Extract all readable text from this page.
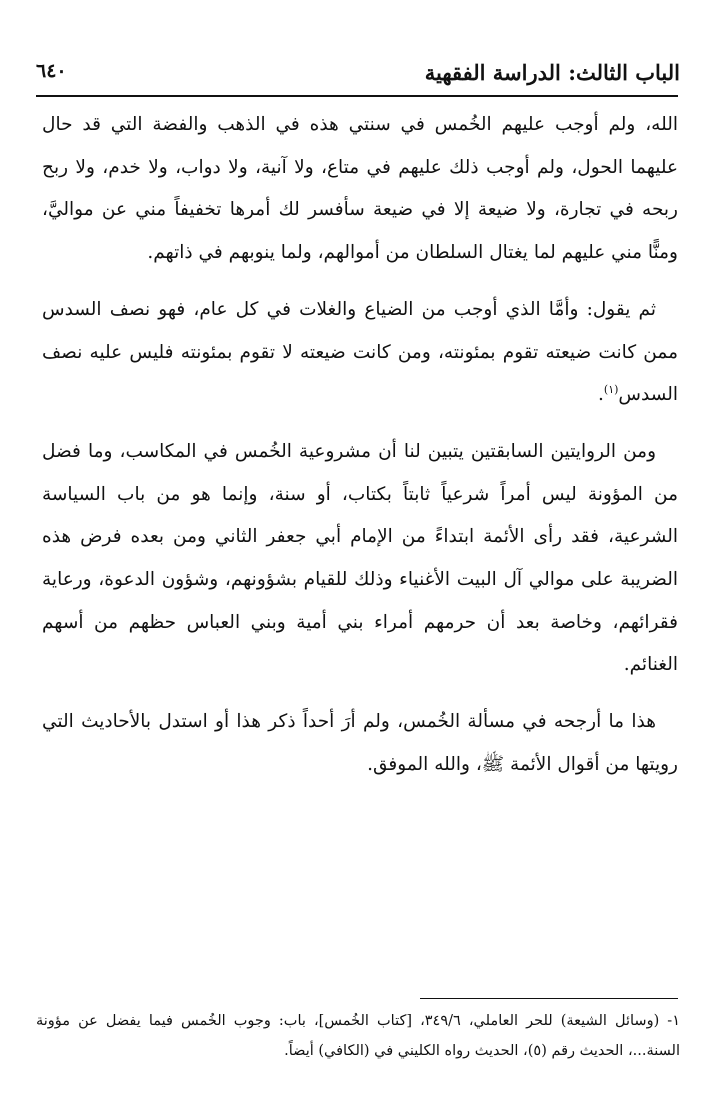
الباب الثالث: الدراسة الفقهية
٦٤٠

الله، ولم أوجب عليهم الخُمس في سنتي هذه في الذهب والفضة التي قد حال عليهما الحول، ولم أوجب ذلك عليهم في متاع، ولا آنية، ولا دواب، ولا خدم، ولا ربح ربحه في تجارة، ولا ضيعة إلا في ضيعة سأفسر لك أمرها تخفيفاً مني عن مواليَّ، ومنًّا مني عليهم لما يغتال السلطان من أموالهم، ولما ينوبهم في ذاتهم.

ثم يقول: وأمَّا الذي أوجب من الضياع والغلات في كل عام، فهو نصف السدس ممن كانت ضيعته تقوم بمئونته، ومن كانت ضيعته لا تقوم بمئونته فليس عليه نصف السدس$^{(١)}$.

ومن الروايتين السابقتين يتبين لنا أن مشروعية الخُمس في المكاسب، وما فضل من المؤونة ليس أمراً شرعياً ثابتاً بكتاب، أو سنة، وإنما هو من باب السياسة الشرعية، فقد رأى الأئمة ابتداءً من الإمام أبي جعفر الثاني ومن بعده فرض هذه الضريبة على موالي آل البيت الأغنياء وذلك للقيام بشؤونهم، وشؤون الدعوة، ورعاية فقرائهم، وخاصة بعد أن حرمهم أمراء بني أمية وبني العباس حظهم من أسهم الغنائم.

هذا ما أرجحه في مسألة الخُمس، ولم أرَ أحداً ذكر هذا أو استدل بالأحاديث التي رويتها من أقوال الأئمة ﷺ، والله الموفق.

١- (وسائل الشيعة) للحر العاملي، ٣٤٩/٦، [كتاب الخُمس]، باب: وجوب الخُمس فيما يفضل عن مؤونة السنة...، الحديث رقم (٥)، الحديث رواه الكليني في (الكافي) أيضاً.
